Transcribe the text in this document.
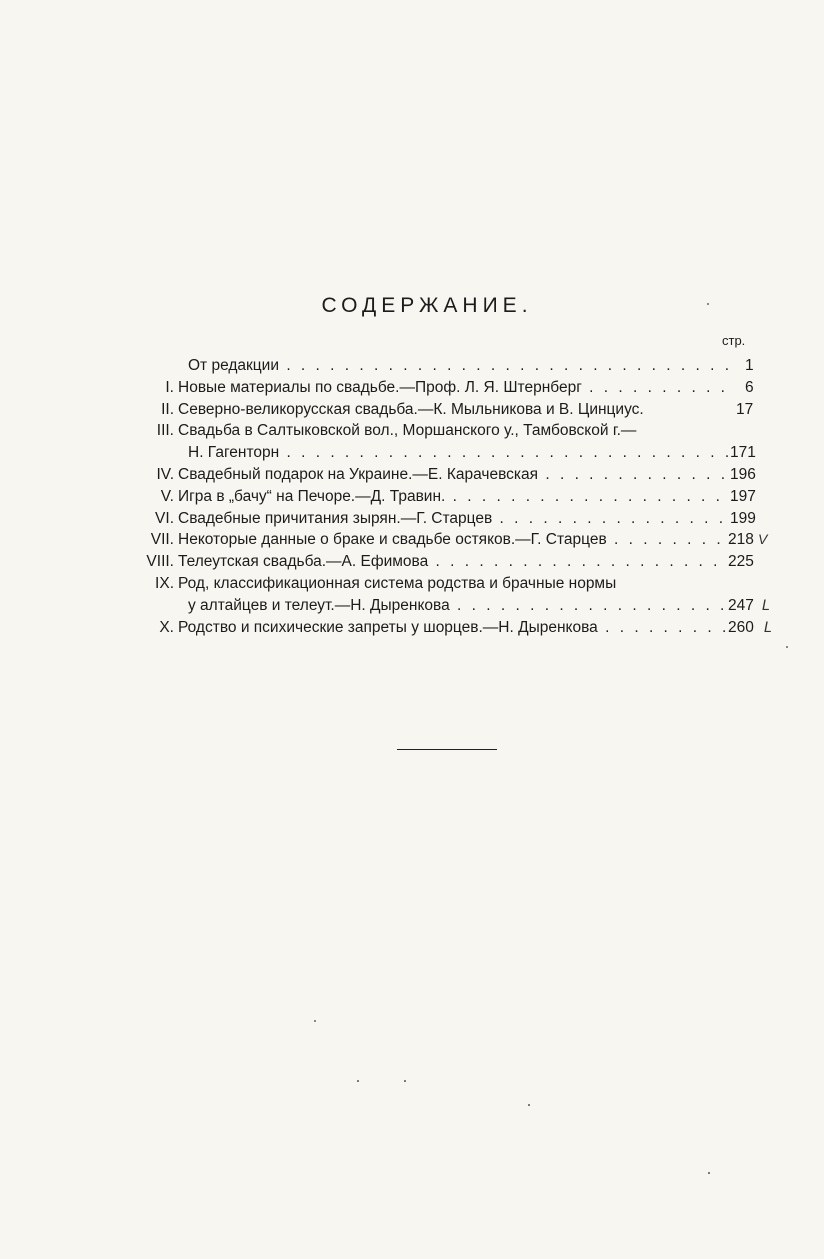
СОДЕРЖАНИЕ.
стр.
От редакции . . .	1
I. Новые материалы по свадьбе.—Проф. Л. Я. Штернберг . . .	6
II. Северно-великорусская свадьба.—К. Мыльникова и В. Цинциус.	17
III. Свадьба в Салтыковской вол., Моршанского у., Тамбовской г.—
Н. Гагенторн . . .	171
IV. Свадебный подарок на Украине.—Е. Карачевская . . .	196
V. Игра в „бачу“ на Печоре.—Д. Травин. . . .	197
VI. Свадебные причитания зырян.—Г. Старцев . . .	199
VII. Некоторые данные о браке и свадьбе остяков.—Г. Старцев . . .	218 V
VIII. Телеутская свадьба.—А. Ефимова . . .	225
IX. Род, классификационная система родства и брачные нормы
у алтайцев и телеут.—Н. Дыренкова . . .	247 ᒪ
X. Родство и психические запреты у шорцев.—Н. Дыренкова . . .	260 ᒪ
